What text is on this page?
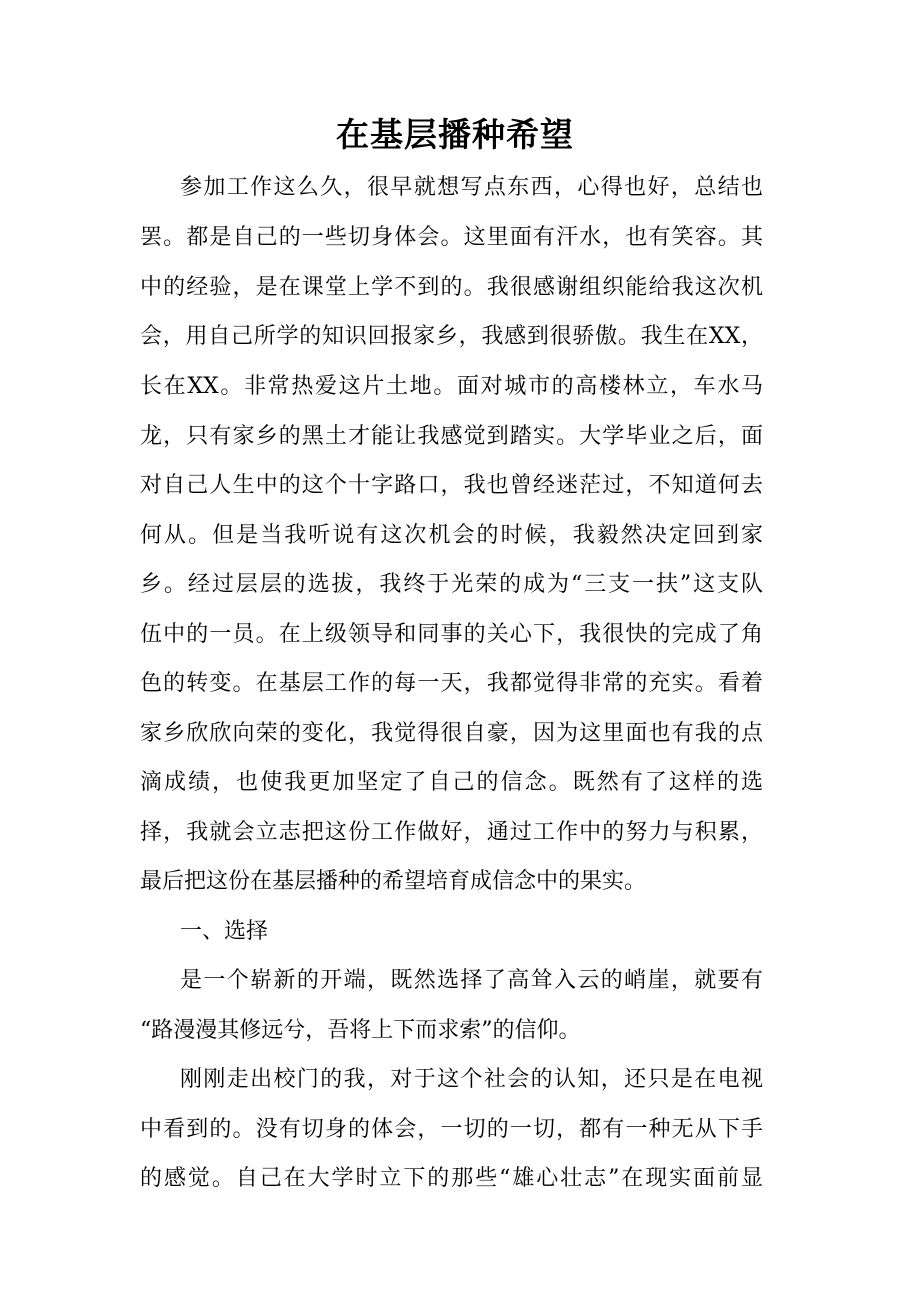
在基层播种希望
参加工作这么久，很早就想写点东西，心得也好，总结也
罢。都是自己的一些切身体会。这里面有汗水，也有笑容。其
中的经验，是在课堂上学不到的。我很感谢组织能给我这次机
会，用自己所学的知识回报家乡，我感到很骄傲。我生在XX，
长在XX。非常热爱这片土地。面对城市的高楼林立，车水马
龙，只有家乡的黑土才能让我感觉到踏实。大学毕业之后，面
对自己人生中的这个十字路口，我也曾经迷茫过，不知道何去
何从。但是当我听说有这次机会的时候，我毅然决定回到家
乡。经过层层的选拔，我终于光荣的成为“三支一扶”这支队
伍中的一员。在上级领导和同事的关心下，我很快的完成了角
色的转变。在基层工作的每一天，我都觉得非常的充实。看着
家乡欣欣向荣的变化，我觉得很自豪，因为这里面也有我的点
滴成绩，也使我更加坚定了自己的信念。既然有了这样的选
择，我就会立志把这份工作做好，通过工作中的努力与积累，
最后把这份在基层播种的希望培育成信念中的果实。
一、选择
是一个崭新的开端，既然选择了高耸入云的峭崖，就要有
“路漫漫其修远兮，吾将上下而求索”的信仰。
刚刚走出校门的我，对于这个社会的认知，还只是在电视
中看到的。没有切身的体会，一切的一切，都有一种无从下手
的感觉。自己在大学时立下的那些“雄心壮志”在现实面前显
